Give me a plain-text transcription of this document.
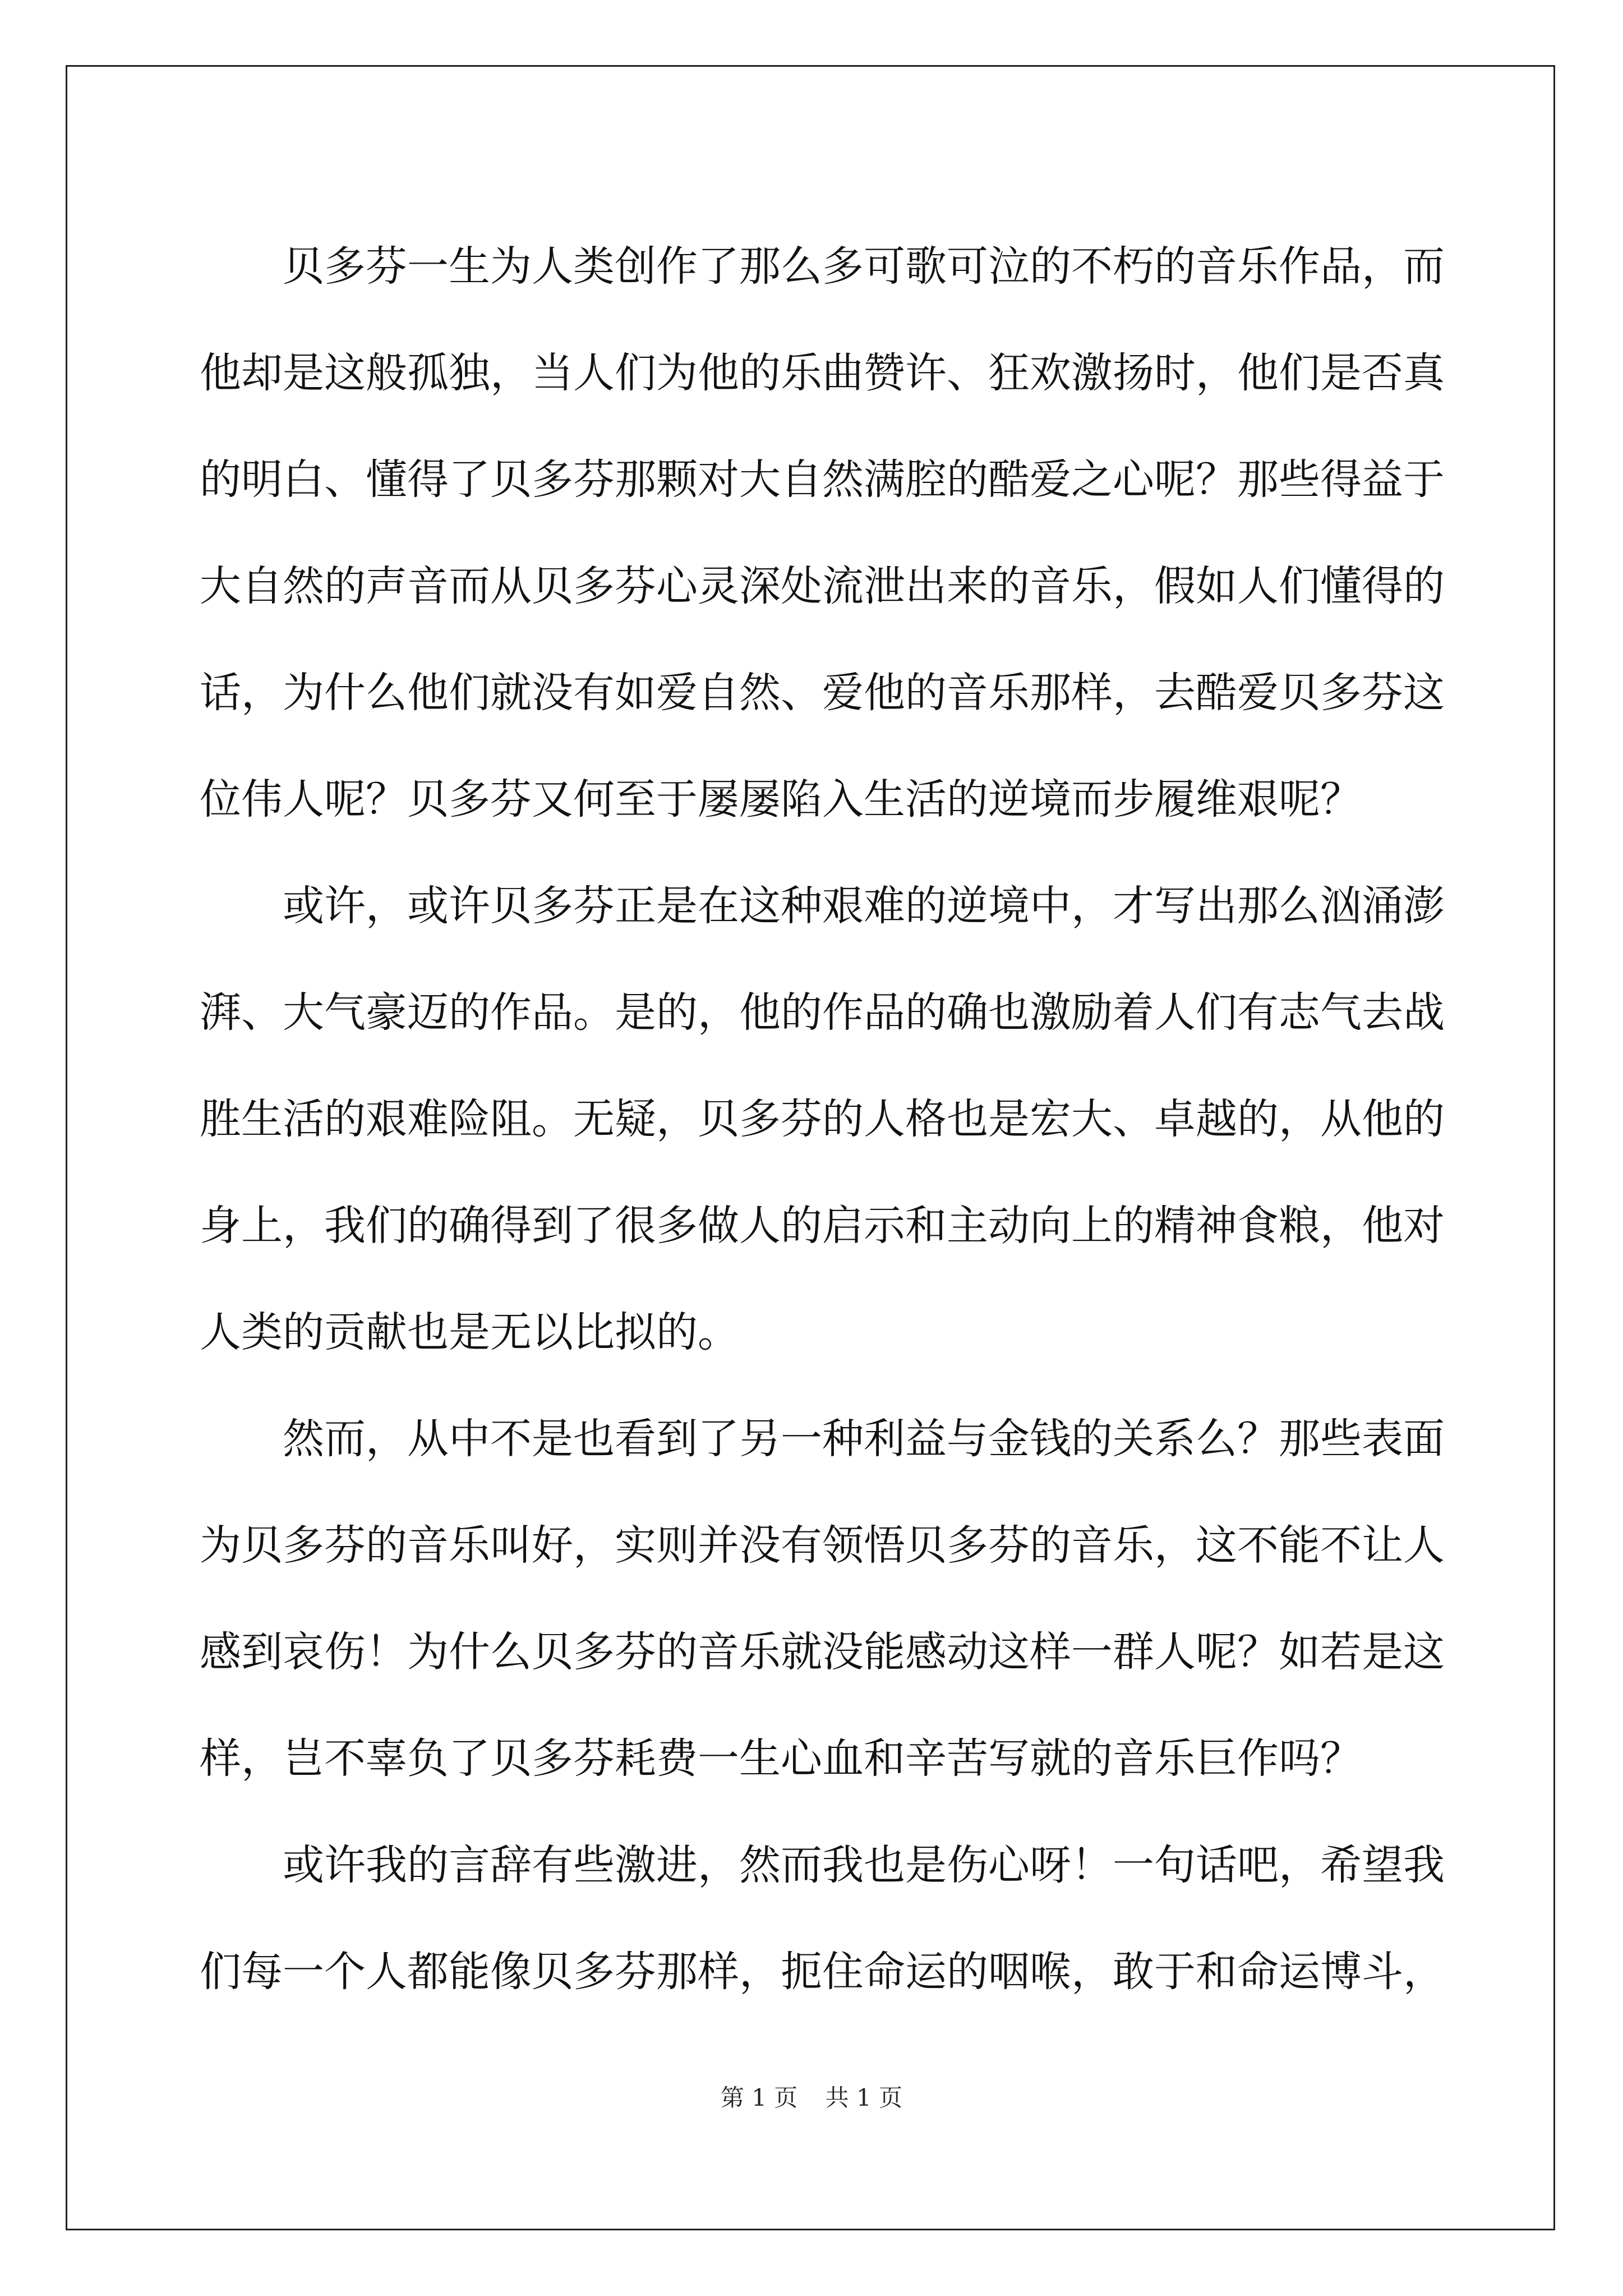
贝多芬一生为人类创作了那么多可歌可泣的不朽的音乐作品，而
他却是这般孤独，当人们为他的乐曲赞许、狂欢激扬时，他们是否真
的明白、懂得了贝多芬那颗对大自然满腔的酷爱之心呢？那些得益于
大自然的声音而从贝多芬心灵深处流泄出来的音乐，假如人们懂得的
话，为什么他们就没有如爱自然、爱他的音乐那样，去酷爱贝多芬这
位伟人呢？贝多芬又何至于屡屡陷入生活的逆境而步履维艰呢？
或许，或许贝多芬正是在这种艰难的逆境中，才写出那么汹涌澎
湃、大气豪迈的作品。是的，他的作品的确也激励着人们有志气去战
胜生活的艰难险阻。无疑，贝多芬的人格也是宏大、卓越的，从他的
身上，我们的确得到了很多做人的启示和主动向上的精神食粮，他对
人类的贡献也是无以比拟的。
然而，从中不是也看到了另一种利益与金钱的关系么？那些表面
为贝多芬的音乐叫好，实则并没有领悟贝多芬的音乐，这不能不让人
感到哀伤！为什么贝多芬的音乐就没能感动这样一群人呢？如若是这
样，岂不辜负了贝多芬耗费一生心血和辛苦写就的音乐巨作吗？
或许我的言辞有些激进，然而我也是伤心呀！一句话吧，希望我
们每一个人都能像贝多芬那样，扼住命运的咽喉，敢于和命运博斗，
第 1 页 共 1 页
